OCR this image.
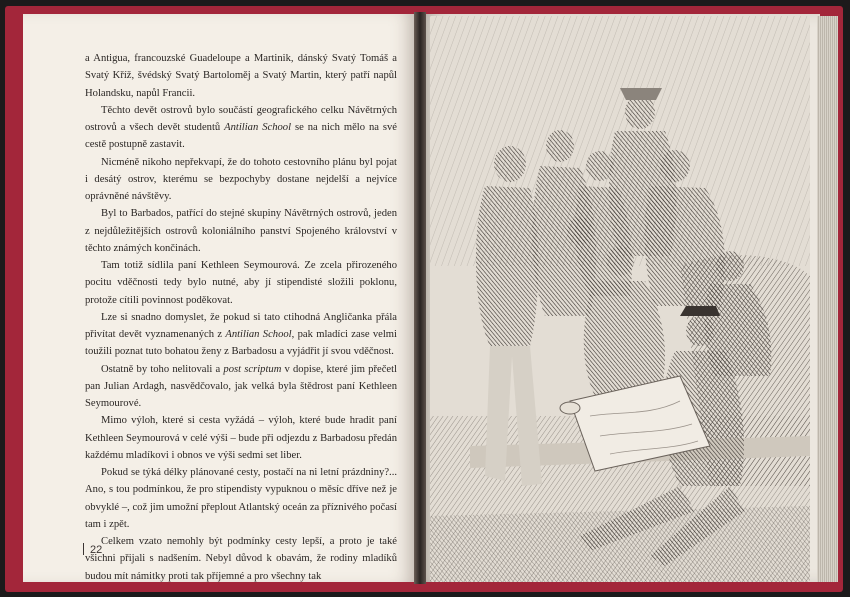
a Antigua, francouzské Guadeloupe a Martinik, dánský Svatý Tomáš a Svatý Kříž, švédský Svatý Bartoloměj a Svatý Martin, který patří napůl Holandsku, napůl Francii.

Těchto devět ostrovů bylo součástí geografického celku Návětrných ostrovů a všech devět studentů Antilian School se na nich mělo na své cestě postupně zastavit.

Nicméně nikoho nepřekvapí, že do tohoto cestovního plánu byl pojat i desátý ostrov, kterému se bezpochyby dostane nejdelší a nejvíce oprávněné návštěvy.

Byl to Barbados, patřící do stejné skupiny Návětrných ostrovů, jeden z nejdůležitějších ostrovů koloniálního panství Spojeného království v těchto známých končinách.

Tam totiž sídlila paní Kethleen Seymourová. Ze zcela přirozeného pocitu vděčnosti tedy bylo nutné, aby jí stipendisté složili poklonu, protože cítili povinnost poděkovat.

Lze si snadno domyslet, že pokud si tato ctihodná Angličanka přála přivítat devět vyznamenaných z Antilian School, pak mladíci zase velmi toužili poznat tuto bohatou ženy z Barbadosu a vyjádřit jí svou vděčnost.

Ostatně by toho nelitovali a post scriptum v dopise, které jim přečetl pan Julian Ardagh, nasvědčovalo, jak velká byla štědrost paní Kethleen Seymourové.

Mimo výloh, které si cesta vyžádá – výloh, které bude hradit paní Kethleen Seymourová v celé výši – bude při odjezdu z Barbadosu předán každému mladíkovi i obnos ve výši sedmi set liber.

Pokud se týká délky plánované cesty, postačí na ni letní prázdniny?... Ano, s tou podmínkou, že pro stipendisty vypuknou o měsíc dříve než je obvyklé –, což jim umožní přeplout Atlantský oceán za příznivého počasí tam i zpět.

Celkem vzato nemohly být podmínky cesty lepší, a proto je také všichni přijali s nadšením. Nebyl důvod k obavám, že rodiny mladíků budou mít námitky proti tak příjemné a pro všechny tak

22
